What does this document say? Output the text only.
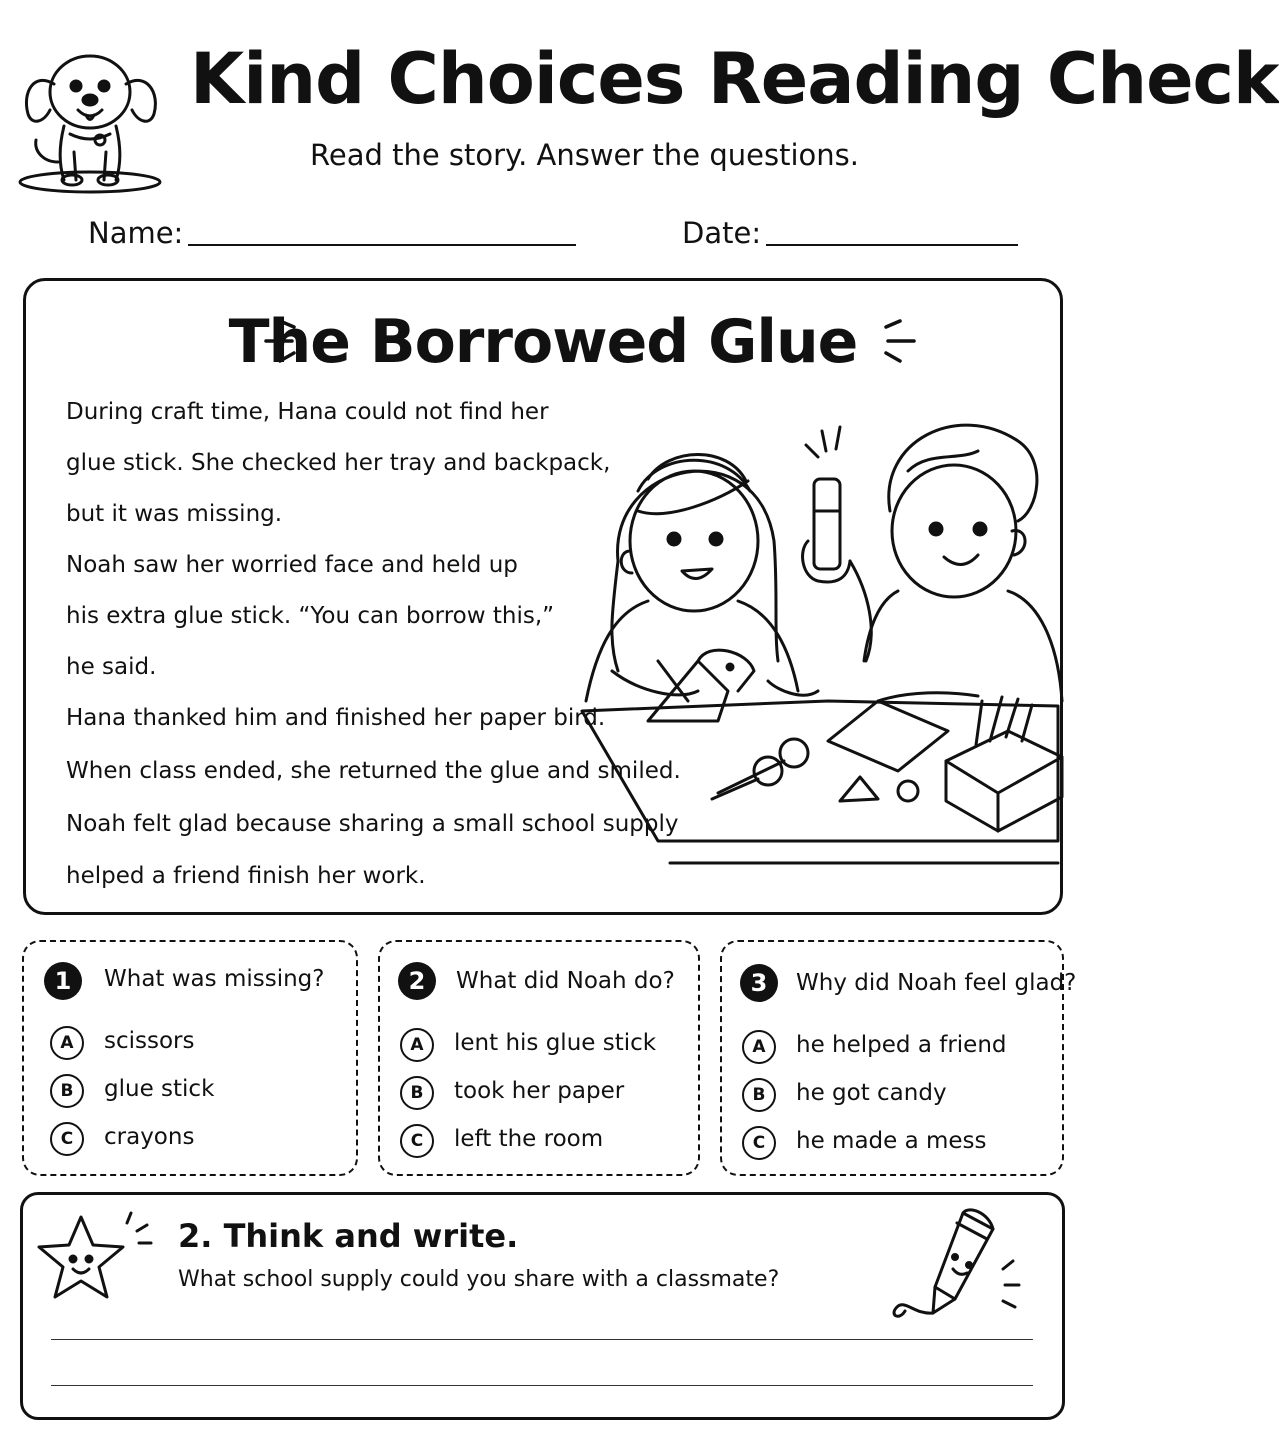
Kind Choices Reading Check
Read the story. Answer the questions.
Name:	Date:
The Borrowed Glue
During craft time, Hana could not find her
glue stick. She checked her tray and backpack,
but it was missing.
Noah saw her worried face and held up
his extra glue stick. “You can borrow this,”
he said.
Hana thanked him and finished her paper bird.
When class ended, she returned the glue and smiled.
Noah felt glad because sharing a small school supply
helped a friend finish her work.
1	What was missing?
A	scissors
B	glue stick
C	crayons
2	What did Noah do?
A	lent his glue stick
B	took her paper
C	left the room
3	Why did Noah feel glad?
A	he helped a friend
B	he got candy
C	he made a mess
2. Think and write.
What school supply could you share with a classmate?
